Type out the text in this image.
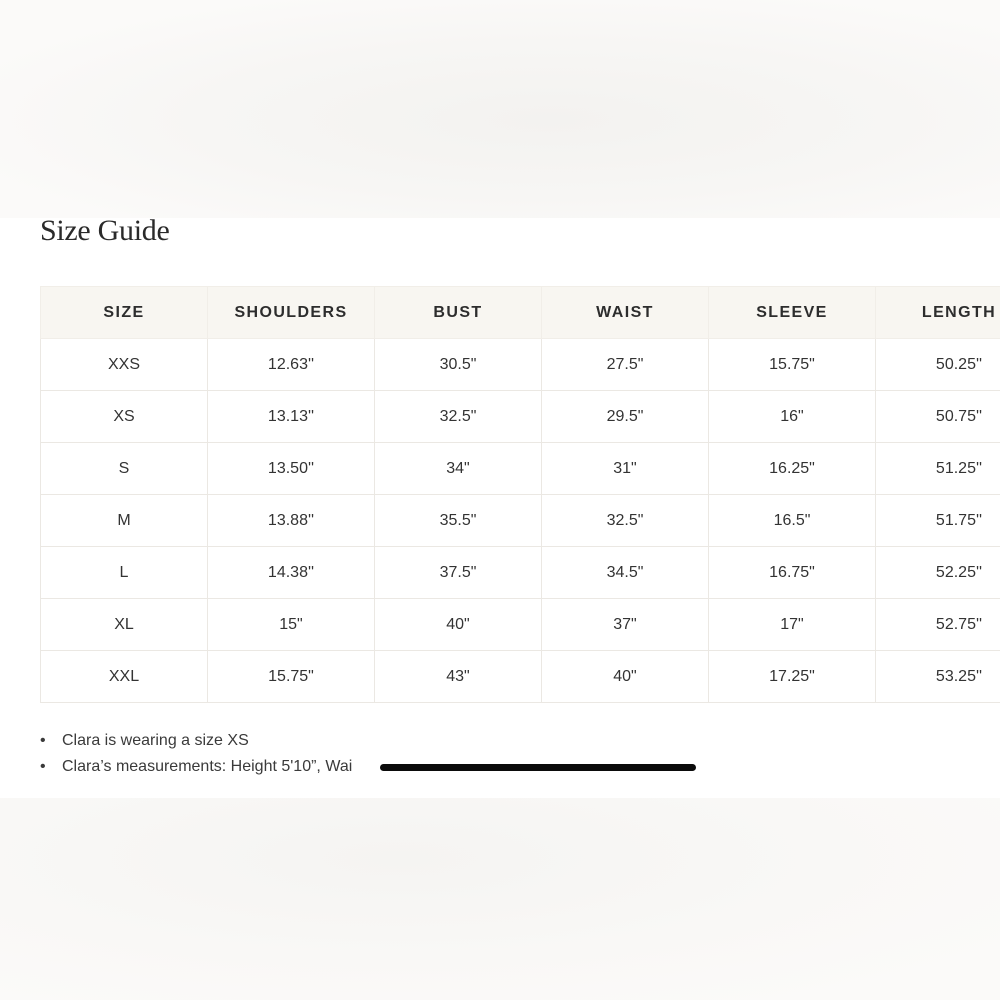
Size Guide
SIZE	SHOULDERS	BUST	WAIST	SLEEVE	LENGTH
XXS	12.63''	30.5"	27.5"	15.75"	50.25''
XS	13.13''	32.5"	29.5"	16"	50.75''
S	13.50''	34"	31"	16.25"	51.25''
M	13.88''	35.5"	32.5"	16.5"	51.75''
L	14.38''	37.5"	34.5"	16.75"	52.25''
XL	15"	40"	37"	17"	52.75''
XXL	15.75"	43"	40"	17.25"	53.25''
• Clara is wearing a size XS
• Clara’s measurements: Height 5'10”, Wai
